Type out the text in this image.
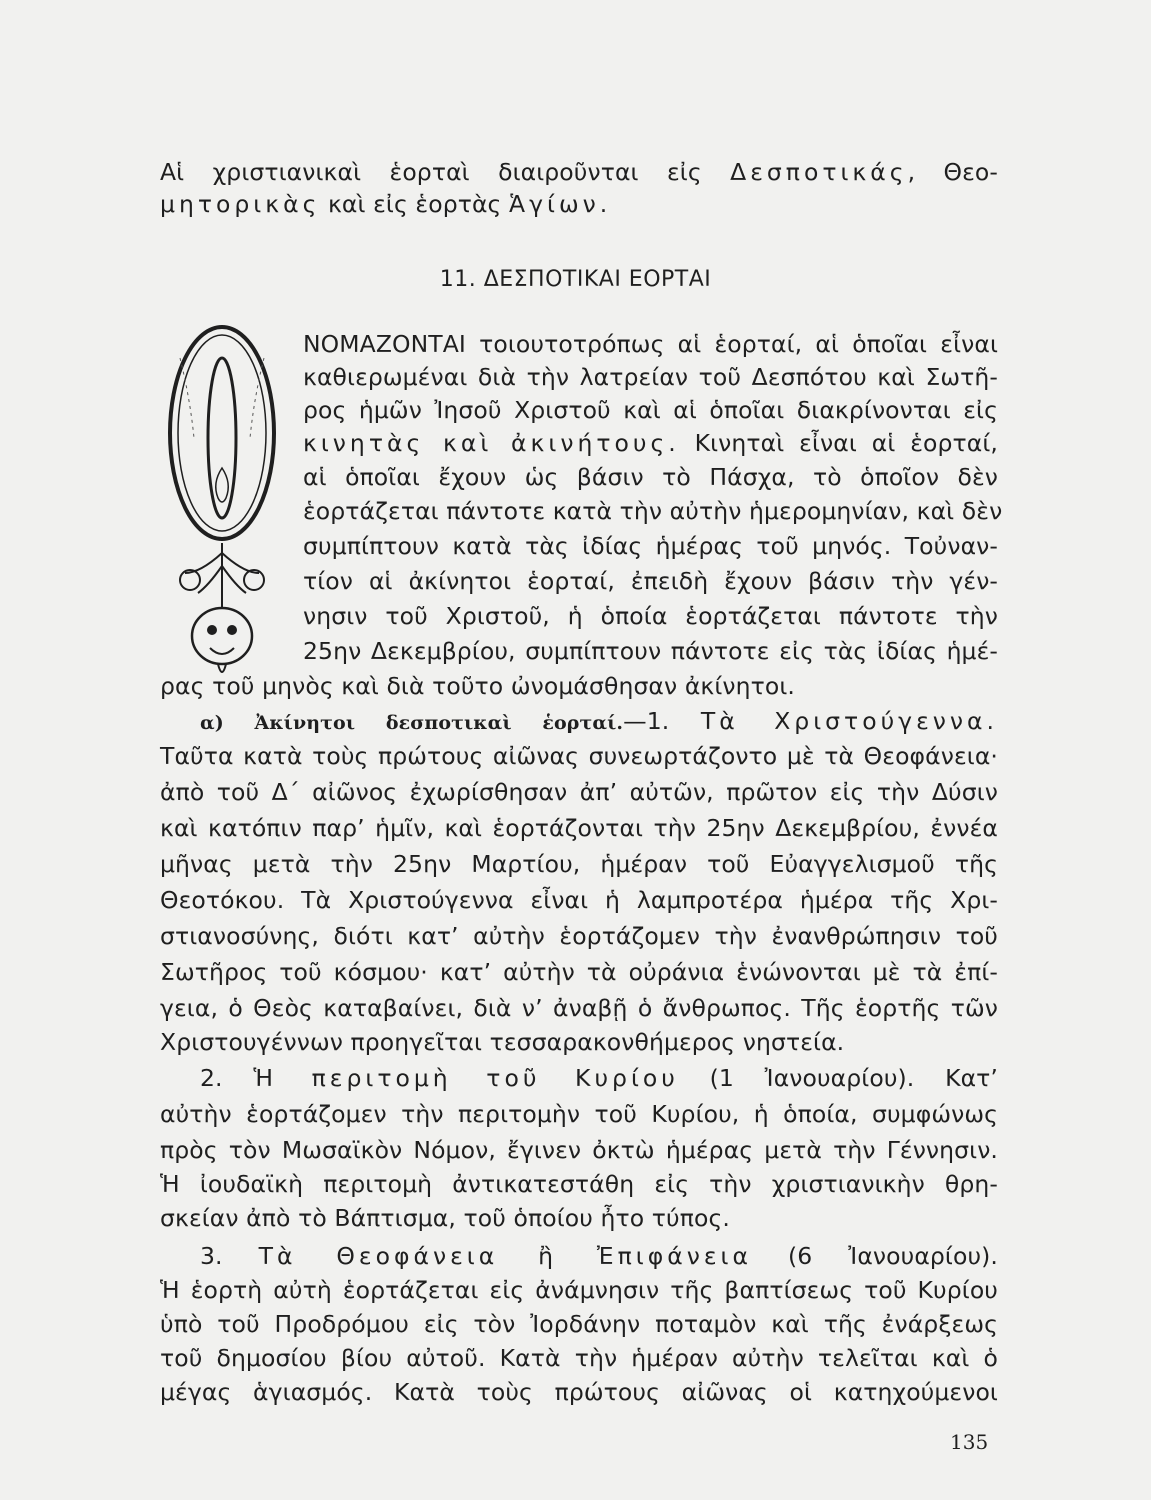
Αἱ χριστιανικαὶ ἑορταὶ διαιροῦνται εἰς Δεσποτικάς, Θεο-
μητορικὰς καὶ εἰς ἑορτὰς Ἁγίων.
11. ΔΕΣΠΟΤΙΚΑΙ ΕΟΡΤΑΙ
ΝΟΜΑΖΟΝΤΑΙ τοιουτοτρόπως αἱ ἑορταί, αἱ ὁποῖαι εἶναι
καθιερωμέναι διὰ τὴν λατρείαν τοῦ Δεσπότου καὶ Σωτῆ-
ρος ἡμῶν Ἰησοῦ Χριστοῦ καὶ αἱ ὁποῖαι διακρίνονται εἰς
κινητὰς καὶ ἀκινήτους. Κινηταὶ εἶναι αἱ ἑορταί,
αἱ ὁποῖαι ἔχουν ὡς βάσιν τὸ Πάσχα, τὸ ὁποῖον δὲν
ἑορτάζεται πάντοτε κατὰ τὴν αὐτὴν ἡμερομηνίαν, καὶ δὲν
συμπίπτουν κατὰ τὰς ἰδίας ἡμέρας τοῦ μηνός. Τοὐναν-
τίον αἱ ἀκίνητοι ἑορταί, ἐπειδὴ ἔχουν βάσιν τὴν γέν-
νησιν τοῦ Χριστοῦ, ἡ ὁποία ἑορτάζεται πάντοτε τὴν
25ην Δεκεμβρίου, συμπίπτουν πάντοτε εἰς τὰς ἰδίας ἡμέ-
ρας τοῦ μηνὸς καὶ διὰ τοῦτο ὠνομάσθησαν ἀκίνητοι.
α) Ἀκίνητοι δεσποτικαὶ ἑορταί.—1. Τὰ Χριστούγεννα.
Ταῦτα κατὰ τοὺς πρώτους αἰῶνας συνεωρτάζοντο μὲ τὰ Θεοφάνεια·
ἀπὸ τοῦ Δ΄ αἰῶνος ἐχωρίσθησαν ἀπ’ αὐτῶν, πρῶτον εἰς τὴν Δύσιν
καὶ κατόπιν παρ’ ἡμῖν, καὶ ἑορτάζονται τὴν 25ην Δεκεμβρίου, ἐννέα
μῆνας μετὰ τὴν 25ην Μαρτίου, ἡμέραν τοῦ Εὐαγγελισμοῦ τῆς
Θεοτόκου. Τὰ Χριστούγεννα εἶναι ἡ λαμπροτέρα ἡμέρα τῆς Χρι-
στιανοσύνης, διότι κατ’ αὐτὴν ἑορτάζομεν τὴν ἐνανθρώπησιν τοῦ
Σωτῆρος τοῦ κόσμου· κατ’ αὐτὴν τὰ οὐράνια ἑνώνονται μὲ τὰ ἐπί-
γεια, ὁ Θεὸς καταβαίνει, διὰ ν’ ἀναβῇ ὁ ἄνθρωπος. Τῆς ἑορτῆς τῶν
Χριστουγέννων προηγεῖται τεσσαρακονθήμερος νηστεία.
2. Ἡ περιτομὴ τοῦ Κυρίου (1 Ἰανουαρίου). Κατ’
αὐτὴν ἑορτάζομεν τὴν περιτομὴν τοῦ Κυρίου, ἡ ὁποία, συμφώνως
πρὸς τὸν Μωσαϊκὸν Νόμον, ἔγινεν ὀκτὼ ἡμέρας μετὰ τὴν Γέννησιν.
Ἡ ἰουδαϊκὴ περιτομὴ ἀντικατεστάθη εἰς τὴν χριστιανικὴν θρη-
σκείαν ἀπὸ τὸ Βάπτισμα, τοῦ ὁποίου ἦτο τύπος.
3. Τὰ Θεοφάνεια ἢ Ἐπιφάνεια (6 Ἰανουαρίου).
Ἡ ἑορτὴ αὐτὴ ἑορτάζεται εἰς ἀνάμνησιν τῆς βαπτίσεως τοῦ Κυρίου
ὑπὸ τοῦ Προδρόμου εἰς τὸν Ἰορδάνην ποταμὸν καὶ τῆς ἐνάρξεως
τοῦ δημοσίου βίου αὐτοῦ. Κατὰ τὴν ἡμέραν αὐτὴν τελεῖται καὶ ὁ
μέγας ἁγιασμός. Κατὰ τοὺς πρώτους αἰῶνας οἱ κατηχούμενοι
135
